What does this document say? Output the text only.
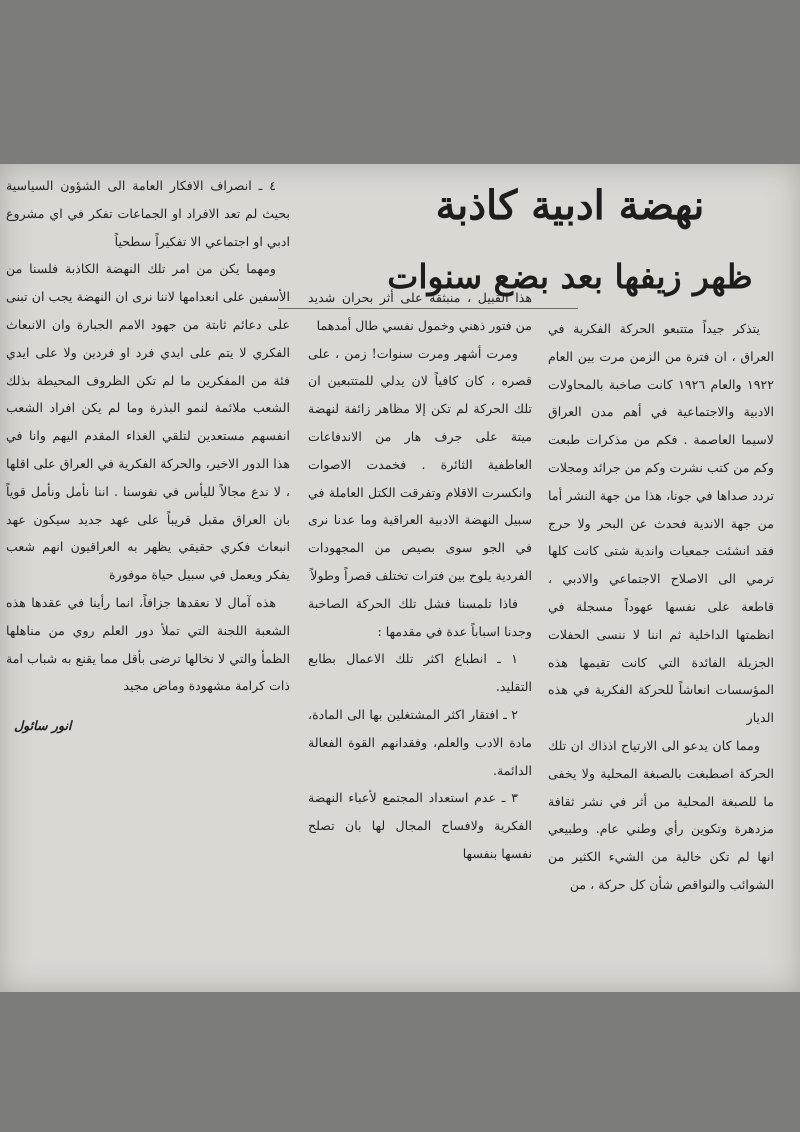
نهضة ادبية كاذبة
ظهر زيفها بعد بضع سنوات

يتذكر جيداً متتبعو الحركة الفكرية في العراق ، ان فترة من الزمن مرت بين العام ١٩٢٢ والعام ١٩٢٦ كانت صاخبة بالمحاولات الادبية والاجتماعية في أهم مدن العراق لاسيما العاصمة . فكم من مذكرات طبعت وكم من كتب نشرت وكم من جرائد ومجلات تردد صداها في جونا، هذا من جهة النشر أما من جهة الاندية فحدث عن البحر ولا حرج فقد انشئت جمعيات واندية شتى كانت كلها ترمي الى الاصلاح الاجتماعي والادبي ، قاطعة على نفسها عهوداً مسجلة في انظمتها الداخلية ثم اننا لا ننسى الحفلات الجزيلة الفائدة التي كانت تقيمها هذه المؤسسات انعاشاً للحركة الفكرية في هذه الديار

ومما كان يدعو الى الارتياح اذذاك ان تلك الحركة اصطبغت بالصبغة المحلية ولا يخفى ما للصبغة المحلية من أثر في نشر ثقافة مزدهرة وتكوين رأي وطني عام. وطبيعي انها لم تكن خالية من الشيء الكثير من الشوائب والنواقص شأن كل حركة ، من

هذا القبيل ، منبثقة على أثر بحران شديد من فتور ذهني وخمول نفسي طال أمدهما

ومرت أشهر ومرت سنوات! زمن ، على قصره ، كان كافياً لان يدلي للمتتبعين ان تلك الحركة لم تكن إلا مظاهر زائفة لنهضة ميتة على جرف هار من الاندفاعات العاطفية الثائرة . فخمدت الاصوات وانكسرت الاقلام وتفرقت الكتل العاملة في سبيل النهضة الادبية العراقية وما عدنا نرى في الجو سوى بصيص من المجهودات الفردية يلوح بين فترات تختلف قصراً وطولاً

فاذا تلمسنا فشل تلك الحركة الصاخبة وجدنا اسباباً عدة في مقدمها :

١ ـ انطباع اكثر تلك الاعمال بطابع التقليد.

٢ ـ افتقار اكثر المشتغلين بها الى المادة، مادة الادب والعلم، وفقدانهم القوة الفعالة الدائمة.

٣ ـ عدم استعداد المجتمع لأعباء النهضة الفكرية ولافساح المجال لها بان تصلح نفسها بنفسها

٤ ـ انصراف الافكار العامة الى الشؤون السياسية بحيث لم تعد الافراد او الجماعات تفكر في اي مشروع ادبي او اجتماعي الا تفكيراً سطحياً

ومهما يكن من امر تلك النهضة الكاذبة فلسنا من الأسفين على انعدامها لاننا نرى ان النهضة يجب ان تبنى على دعائم ثابتة من جهود الامم الجبارة وان الانبعاث الفكري لا يتم على ايدي فرد او فردين ولا على ايدي فئة من المفكرين ما لم تكن الظروف المحيطة بذلك الشعب ملائمة لنمو البذرة وما لم يكن افراد الشعب انفسهم مستعدين لتلقي الغذاء المقدم اليهم وانا في هذا الدور الاخير، والحركة الفكرية في العراق على اقلها ، لا ندع مجالاً لليأس في نفوسنا . اننا نأمل ونأمل قوياً بان العراق مقبل قريباً على عهد جديد سيكون عهد انبعاث فكري حقيقي يظهر به العراقيون انهم شعب يفكر ويعمل في سبيل حياة موفورة

هذه آمال لا نعقدها جزافاً، انما رأينا في عقدها هذه الشعبة اللجنة التي تملأ دور العلم روي من مناهلها الظمأ والتي لا نخالها ترضى بأقل مما يقنع به شباب امة ذات كرامة مشهودة وماض مجيد

انور سائول
